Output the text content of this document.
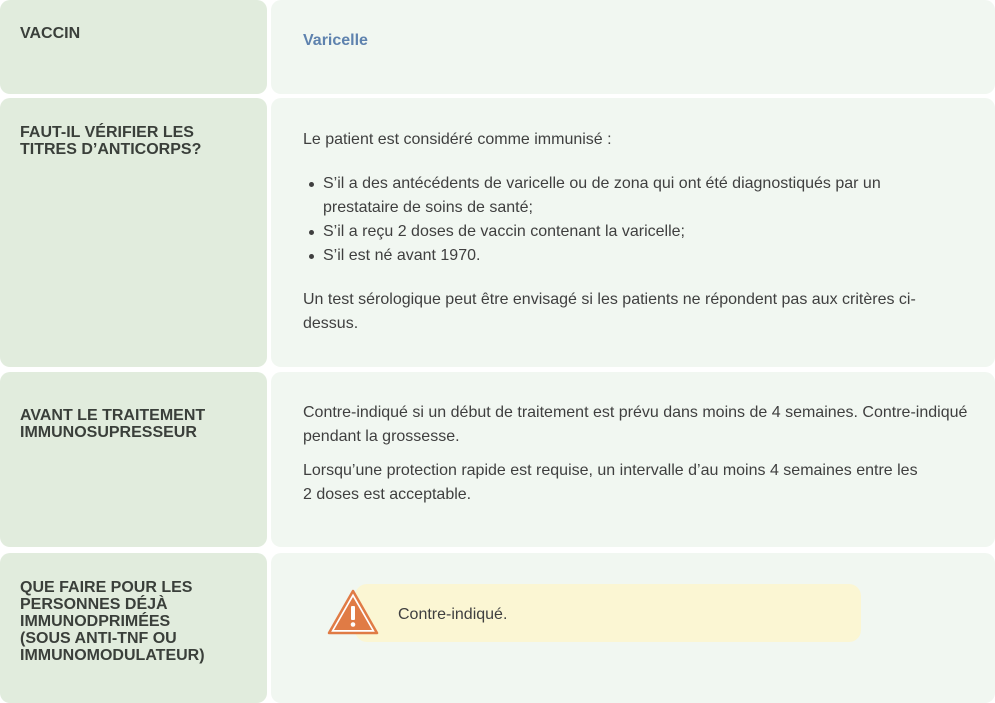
VACCIN	Varicelle
FAUT-IL VÉRIFIER LES
TITRES D’ANTICORPS?
Le patient est considéré comme immunisé :
S’il a des antécédents de varicelle ou de zona qui ont été diagnostiqués par un prestataire de soins de santé;
S’il a reçu 2 doses de vaccin contenant la varicelle;
S’il est né avant 1970.
Un test sérologique peut être envisagé si les patients ne répondent pas aux critères ci-dessus.
AVANT LE TRAITEMENT
IMMUNOSUPRESSEUR
Contre-indiqué si un début de traitement est prévu dans moins de 4 semaines. Contre-indiqué pendant la grossesse.
Lorsqu’une protection rapide est requise, un intervalle d’au moins 4 semaines entre les 2 doses est acceptable.
QUE FAIRE POUR LES
PERSONNES DÉJÀ
IMMUNODPRIMÉES
(SOUS ANTI-TNF OU
IMMUNOMODULATEUR)
Contre-indiqué.
